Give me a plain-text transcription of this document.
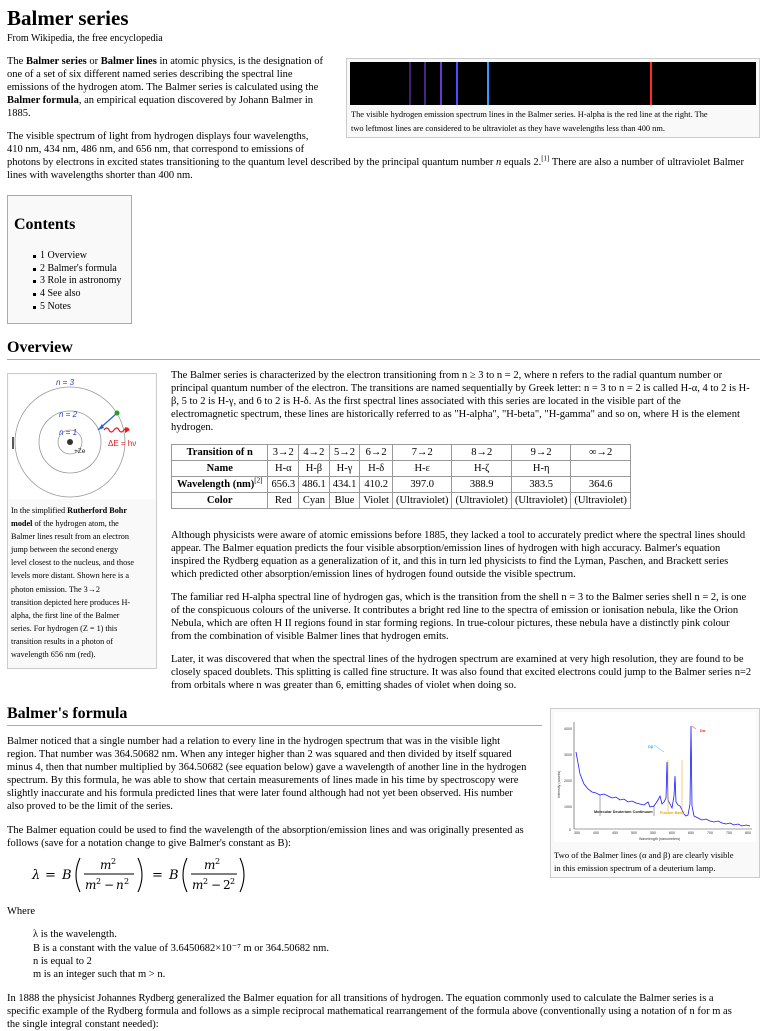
Balmer series
From Wikipedia, the free encyclopedia
The Balmer series or Balmer lines in atomic physics, is the designation of
one of a set of six different named series describing the spectral line
emissions of the hydrogen atom. The Balmer series is calculated using the
Balmer formula, an empirical equation discovered by Johann Balmer in
1885.	The visible hydrogen emission spectrum lines in the Balmer series. H-alpha is the red line at the right. The
two leftmost lines are considered to be ultraviolet as they have wavelengths less than 400 nm.
The visible spectrum of light from hydrogen displays four wavelengths,
410 nm, 434 nm, 486 nm, and 656 nm, that correspond to emissions of
photons by electrons in excited states transitioning to the quantum level described by the principal quantum number n equals 2.[1] There are also a number of ultraviolet Balmer
lines with wavelengths shorter than 400 nm.
Contents
1 Overview
2 Balmer's formula
3 Role in astronomy
4 See also
5 Notes
Overview
n = 3
n = 2
n = 1
+Ze
ΔE = hν
In the simplified Rutherford Bohr
model of the hydrogen atom, the
Balmer lines result from an electron
jump between the second energy
level closest to the nucleus, and those
levels more distant. Shown here is a
photon emission. The 3→2
transition depicted here produces H-
alpha, the first line of the Balmer
series. For hydrogen (Z = 1) this
transition results in a photon of
wavelength 656 nm (red).
The Balmer series is characterized by the electron transitioning from n ≥ 3 to n = 2, where n refers to the radial quantum number or
principal quantum number of the electron. The transitions are named sequentially by Greek letter: n = 3 to n = 2 is called H-α, 4 to 2 is H-
β, 5 to 2 is H-γ, and 6 to 2 is H-δ. As the first spectral lines associated with this series are located in the visible part of the
electromagnetic spectrum, these lines are historically referred to as "H-alpha", "H-beta", "H-gamma" and so on, where H is the element
hydrogen.
Transition of n	3→2	4→2	5→2	6→2	7→2	8→2	9→2	∞→2
Name	H-α	H-β	H-γ	H-δ	H-ε	H-ζ	H-η	
Wavelength (nm)[2]	656.3	486.1	434.1	410.2	397.0	388.9	383.5	364.6
Color	Red	Cyan	Blue	Violet	(Ultraviolet)	(Ultraviolet)	(Ultraviolet)	(Ultraviolet)
Although physicists were aware of atomic emissions before 1885, they lacked a tool to accurately predict where the spectral lines should
appear. The Balmer equation predicts the four visible absorption/emission lines of hydrogen with high accuracy. Balmer's equation
inspired the Rydberg equation as a generalization of it, and this in turn led physicists to find the Lyman, Paschen, and Brackett series
which predicted other absorption/emission lines of hydrogen found outside the visible spectrum.
The familiar red H-alpha spectral line of hydrogen gas, which is the transition from the shell n = 3 to the Balmer series shell n = 2, is one
of the conspicuous colours of the universe. It contributes a bright red line to the spectra of emission or ionisation nebula, like the Orion
Nebula, which are often H II regions found in star forming regions. In true-colour pictures, these nebula have a distinctly pink colour
from the combination of visible Balmer lines that hydrogen emits.
Later, it was discovered that when the spectral lines of the hydrogen spectrum are examined at very high resolution, they are found to be
closely spaced doublets. This splitting is called fine structure. It was also found that excited electrons could jump to the Balmer series n=2
from orbitals where n was greater than 6, emitting shades of violet when doing so.
Balmer's formula
Balmer noticed that a single number had a relation to every line in the hydrogen spectrum that was in the visible light
region. That number was 364.50682 nm. When any integer higher than 2 was squared and then divided by itself squared
minus 4, then that number multiplied by 364.50682 (see equation below) gave a wavelength of another line in the hydrogen
spectrum. By this formula, he was able to show that certain measurements of lines made in his time by spectroscopy were
slightly inaccurate and his formula predicted lines that were later found although had not yet been observed. His number
also proved to be the limit of the series.
The Balmer equation could be used to find the wavelength of the absorption/emission lines and was originally presented as
follows (save for a notation change to give Balmer's constant as B):
λ = B
m 2
m 2 − n 2 = B
m 2
m 2 − 2 2
Where
λ is the wavelength.
B is a constant with the value of 3.6450682×10⁻⁷ m or 364.50682 nm.
n is equal to 2
m is an integer such that m > n.
In 1888 the physicist Johannes Rydberg generalized the Balmer equation for all transitions of hydrogen. The equation commonly used to calculate the Balmer series is a
specific example of the Rydberg formula and follows as a simple reciprocal mathematical rearrangement of the formula above (conventionally using a notation of n for m as
the single integral constant needed):
4000
3000
2000
1000
0
350	400	450	500	550	600	650	700	750	800
Wavelength (nanometers)
Intensity (counts)
Molecular Deuterium Continuum Fulcher Band
Dα
Dβ
Two of the Balmer lines (α and β) are clearly visible
in this emission spectrum of a deuterium lamp.
